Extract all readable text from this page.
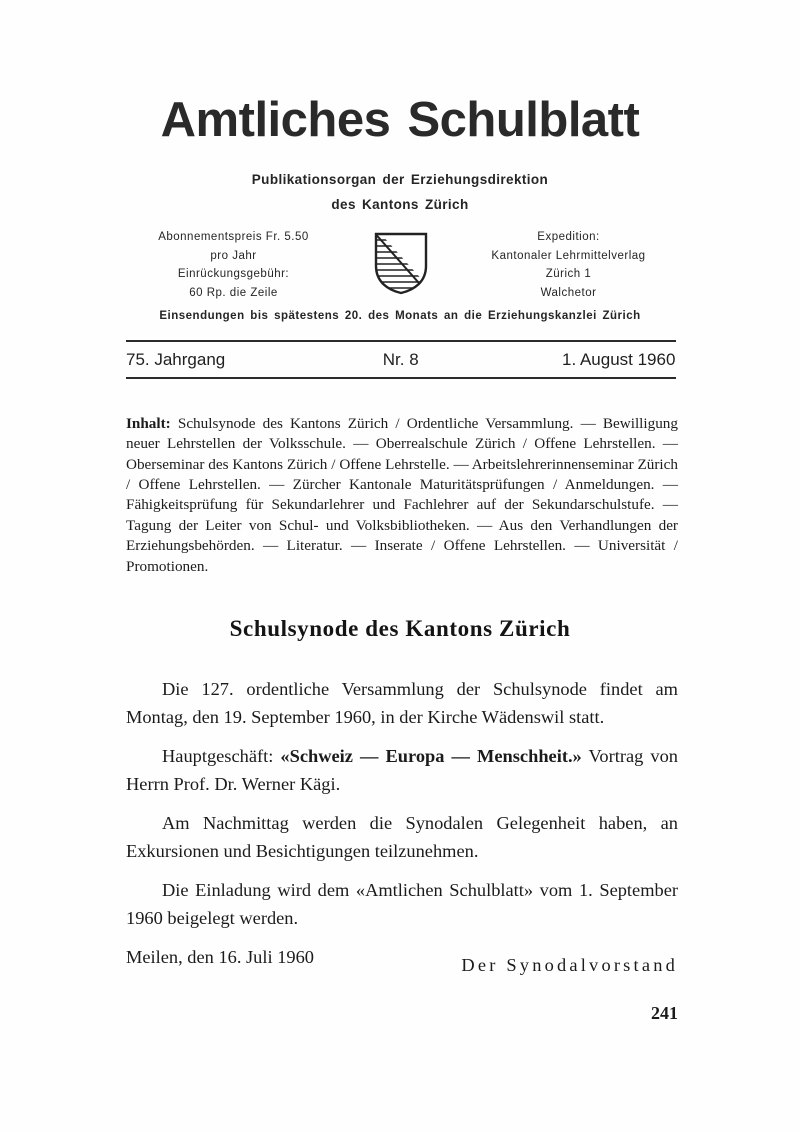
Amtliches Schulblatt
Publikationsorgan der Erziehungsdirektion
des Kantons Zürich
Abonnementspreis Fr. 5.50
pro Jahr
Einrückungsgebühr:
60 Rp. die Zeile
Expedition:
Kantonaler Lehrmittelverlag
Zürich 1
Walchetor
Einsendungen bis spätestens 20. des Monats an die Erziehungskanzlei Zürich
75. Jahrgang	Nr. 8	1. August 1960
Inhalt: Schulsynode des Kantons Zürich / Ordentliche Versammlung. — Bewilligung neuer Lehrstellen der Volksschule. — Oberrealschule Zürich / Offene Lehrstellen. — Oberseminar des Kantons Zürich / Offene Lehrstelle. — Arbeitslehrerinnenseminar Zürich / Offene Lehrstellen. — Zürcher Kantonale Maturitätsprüfungen / Anmeldungen. — Fähigkeitsprüfung für Sekundarlehrer und Fachlehrer auf der Sekundarschulstufe. — Tagung der Leiter von Schul- und Volksbibliotheken. — Aus den Verhandlungen der Erziehungsbehörden. — Literatur. — Inserate / Offene Lehrstellen. — Universität / Promotionen.
Schulsynode des Kantons Zürich

Die 127. ordentliche Versammlung der Schulsynode findet am Montag, den 19. September 1960, in der Kirche Wädenswil statt.

Hauptgeschäft: «Schweiz — Europa — Menschheit.» Vortrag von Herrn Prof. Dr. Werner Kägi.

Am Nachmittag werden die Synodalen Gelegenheit haben, an Exkursionen und Besichtigungen teilzunehmen.

Die Einladung wird dem «Amtlichen Schulblatt» vom 1. September 1960 beigelegt werden.

Meilen, den 16. Juli 1960	Der Synodalvorstand
241
